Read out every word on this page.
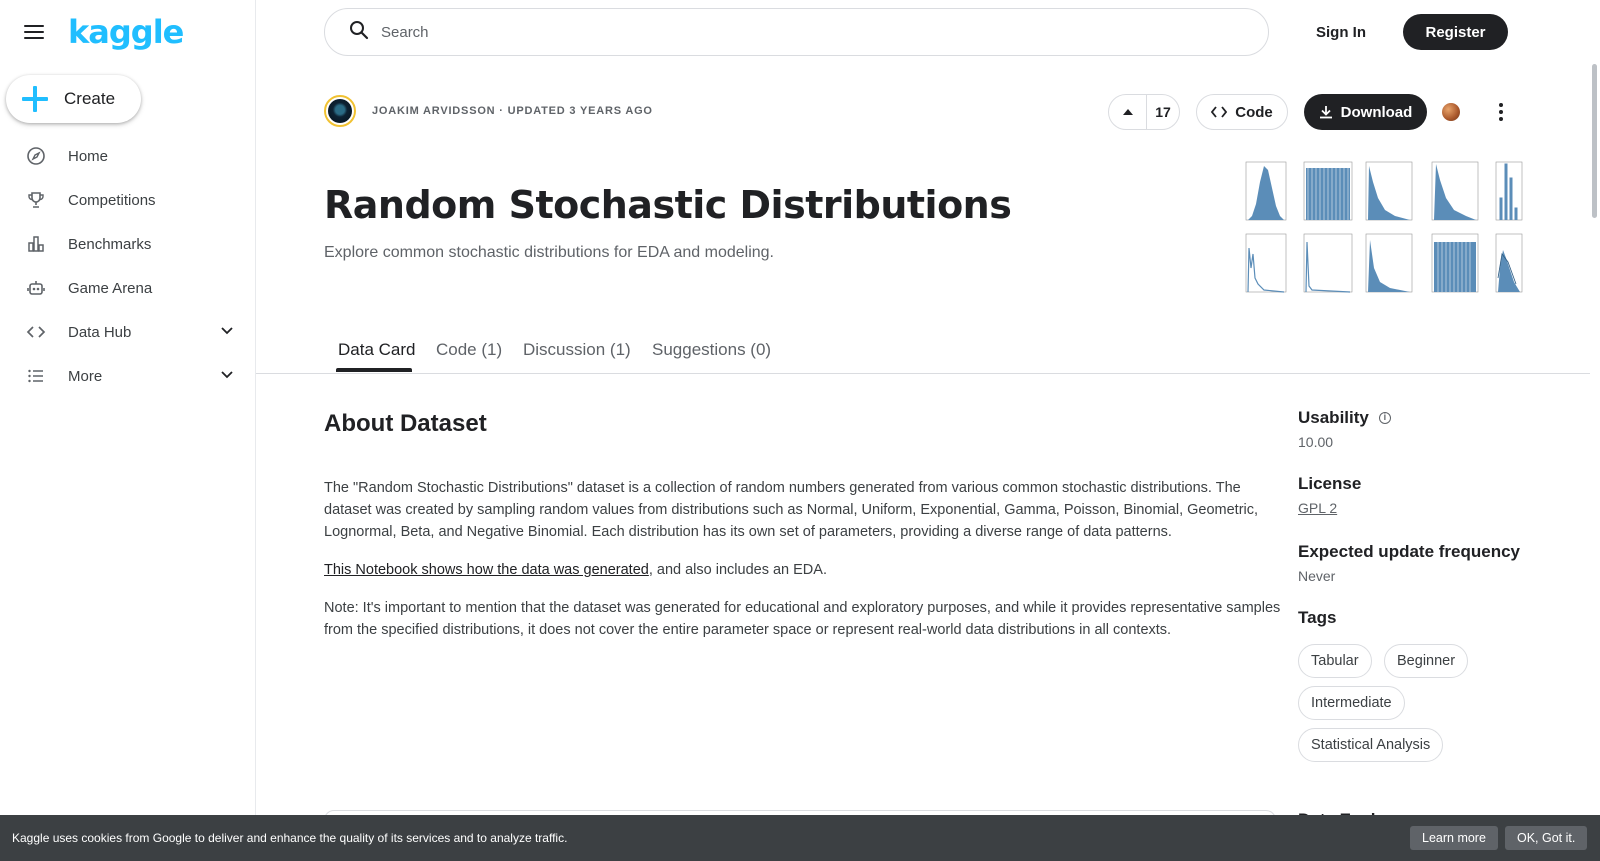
kaggle
Create
Home
Competitions
Benchmarks
Game Arena
Data Hub
More
Search
Sign In	Register
JOAKIM ARVIDSSON · UPDATED 3 YEARS AGO	17	Code	Download
Random Stochastic Distributions
Explore common stochastic distributions for EDA and modeling.
Data Card Code (1) Discussion (1) Suggestions (0)
About Dataset

The "Random Stochastic Distributions" dataset is a collection of random numbers generated from various common stochastic distributions. The dataset was created by sampling random values from distributions such as Normal, Uniform, Exponential, Gamma, Poisson, Binomial, Geometric, Lognormal, Beta, and Negative Binomial. Each distribution has its own set of parameters, providing a diverse range of data patterns.

This Notebook shows how the data was generated, and also includes an EDA.

Note: It's important to mention that the dataset was generated for educational and exploratory purposes, and while it provides representative samples from the specified distributions, it does not cover the entire parameter space or represent real-world data distributions in all contexts.

Usability	i
10.00
License
GPL 2
Expected update frequency
Never
Tags
Tabular	Beginner Intermediate Statistical Analysis
Kaggle uses cookies from Google to deliver and enhance the quality of its services and to analyze traffic.	Learn more	OK, Got it.
